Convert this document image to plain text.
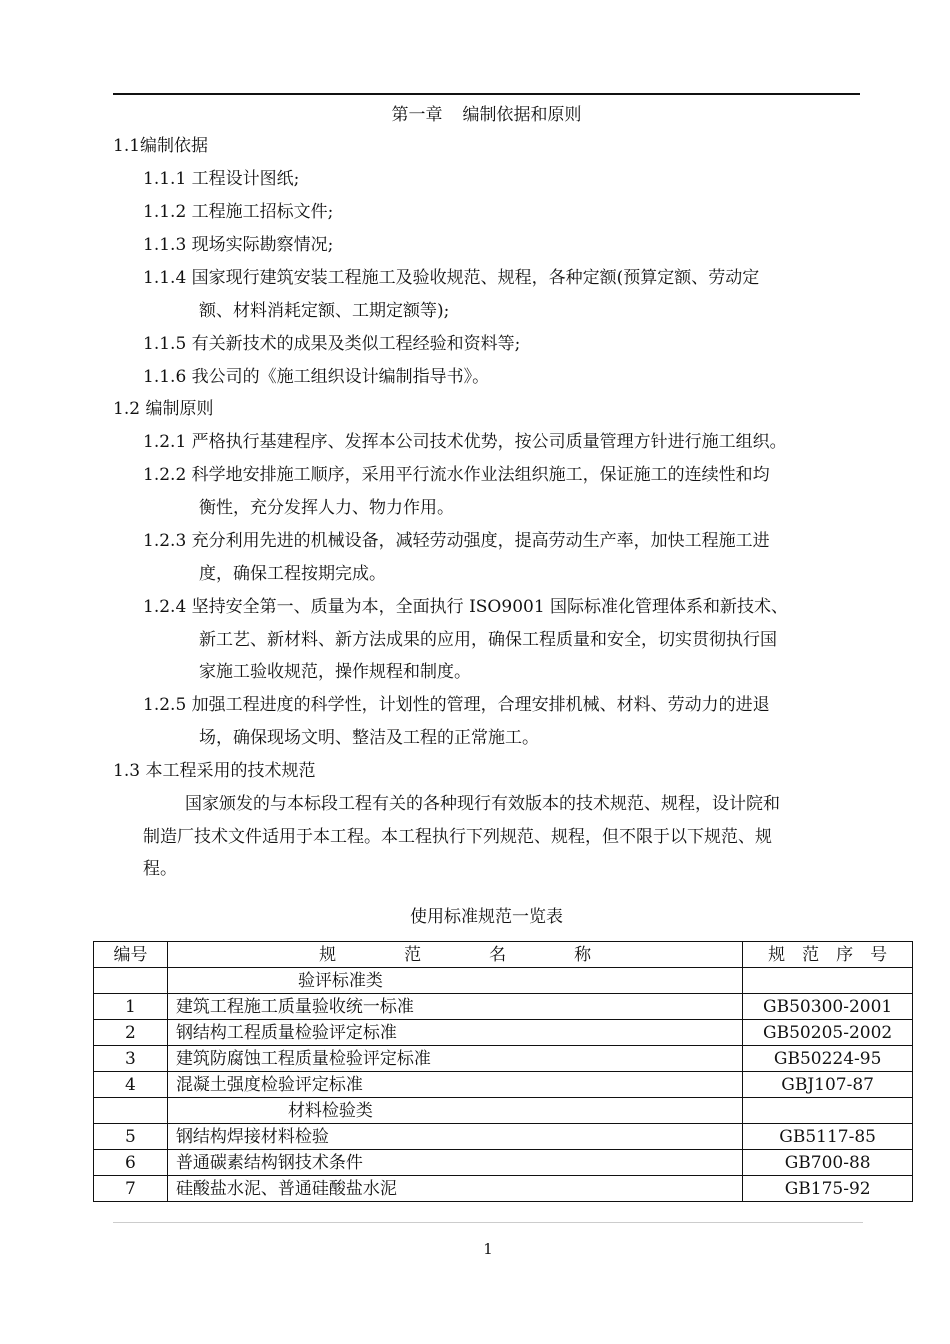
第一章 编制依据和原则
1.1编制依据
1.1.1 工程设计图纸;
1.1.2 工程施工招标文件;
1.1.3 现场实际勘察情况;
1.1.4 国家现行建筑安装工程施工及验收规范、规程，各种定额(预算定额、劳动定
额、材料消耗定额、工期定额等);
1.1.5 有关新技术的成果及类似工程经验和资料等;
1.1.6 我公司的《施工组织设计编制指导书》。
1.2 编制原则
1.2.1 严格执行基建程序、发挥本公司技术优势，按公司质量管理方针进行施工组织。
1.2.2 科学地安排施工顺序，采用平行流水作业法组织施工，保证施工的连续性和均
衡性，充分发挥人力、物力作用。
1.2.3 充分利用先进的机械设备，减轻劳动强度，提高劳动生产率，加快工程施工进
度，确保工程按期完成。
1.2.4 坚持安全第一、质量为本，全面执行 ISO9001 国际标准化管理体系和新技术、
新工艺、新材料、新方法成果的应用，确保工程质量和安全，切实贯彻执行国
家施工验收规范，操作规程和制度。
1.2.5 加强工程进度的科学性，计划性的管理，合理安排机械、材料、劳动力的进退
场，确保现场文明、整洁及工程的正常施工。
1.3 本工程采用的技术规范
国家颁发的与本标段工程有关的各种现行有效版本的技术规范、规程，设计院和
制造厂技术文件适用于本工程。本工程执行下列规范、规程，但不限于以下规范、规
程。
使用标准规范一览表
编号	规　　　　范　　　　名　　　　称	规　范　序　号
	验评标准类	
1	建筑工程施工质量验收统一标准	GB50300-2001
2	钢结构工程质量检验评定标准	GB50205-2002
3	建筑防腐蚀工程质量检验评定标准	GB50224-95
4	混凝土强度检验评定标准	GBJ107-87
	材料检验类	
5	钢结构焊接材料检验	GB5117-85
6	普通碳素结构钢技术条件	GB700-88
7	硅酸盐水泥、普通硅酸盐水泥	GB175-92
1
